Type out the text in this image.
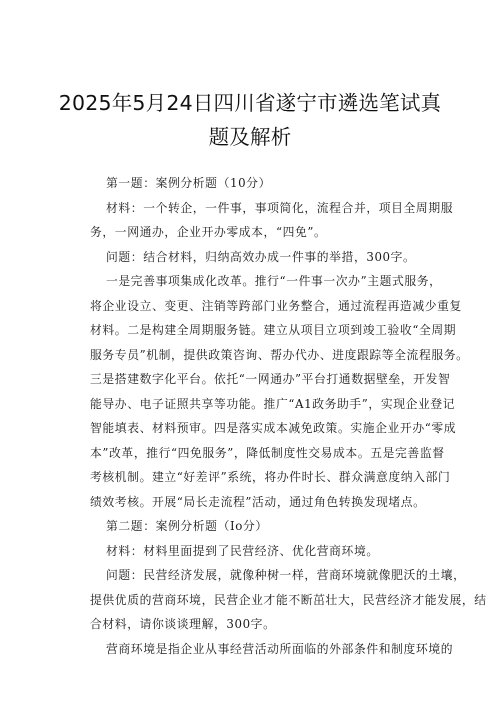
2025年5月24日四川省遂宁市遴选笔试真
题及解析
第一题：案例分析题（10分）
材料：一个转企，一件事，事项简化，流程合并，项目全周期服
务，一网通办，企业开办零成本，“四免”。
问题：结合材料，归纳高效办成一件事的举措，300字。
一是完善事项集成化改革。推行“一件事一次办”主题式服务，
将企业设立、变更、注销等跨部门业务整合，通过流程再造减少重复
材料。二是构建全周期服务链。建立从项目立项到竣工验收“全周期
服务专员”机制，提供政策咨询、帮办代办、进度跟踪等全流程服务。
三是搭建数字化平台。依托“一网通办”平台打通数据壁垒，开发智
能导办、电子证照共享等功能。推广“A1政务助手”，实现企业登记
智能填表、材料预审。四是落实成本减免政策。实施企业开办“零成
本”改革，推行“四免服务”，降低制度性交易成本。五是完善监督
考核机制。建立“好差评”系统，将办件时长、群众满意度纳入部门
绩效考核。开展“局长走流程”活动，通过角色转换发现堵点。
第二题：案例分析题（Io分）
材料：材料里面提到了民营经济、优化营商环境。
问题：民营经济发展，就像种树一样，营商环境就像肥沃的土壤，
提供优质的营商环境，民营企业才能不断茁壮大，民营经济才能发展，结
合材料，请你谈谈理解，300字。
营商环境是指企业从事经营活动所面临的外部条件和制度环境的
